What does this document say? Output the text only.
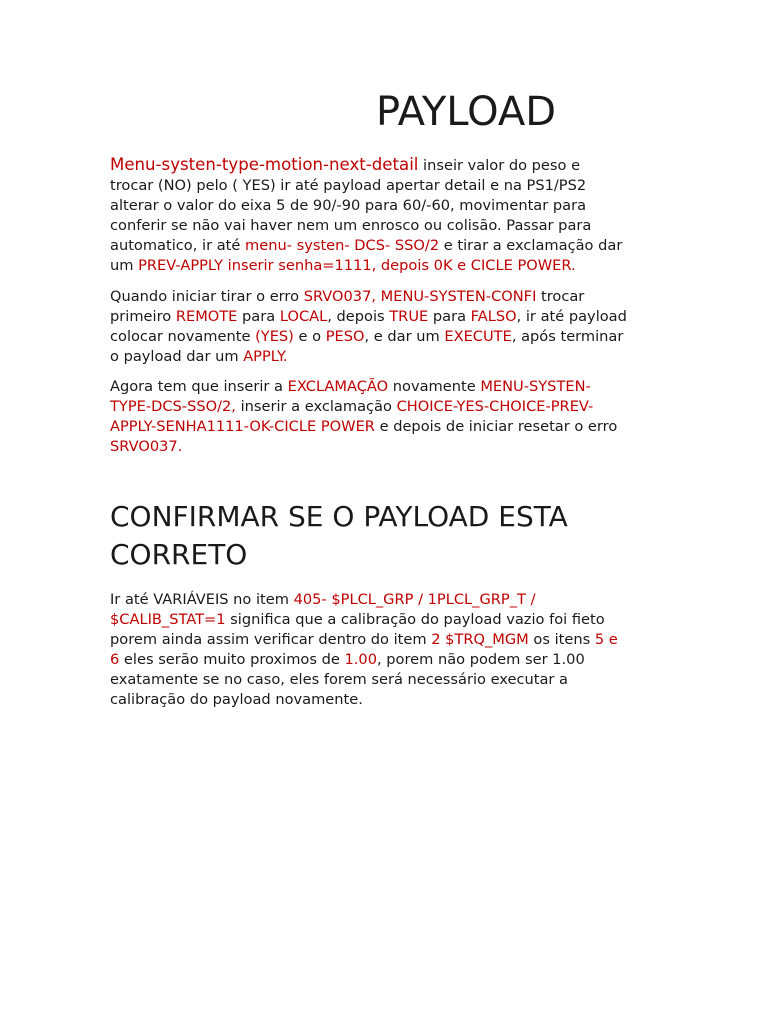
PAYLOAD

Menu-systen-type-motion-next-detail inseir valor do peso e
trocar (NO) pelo ( YES) ir até payload apertar detail e na PS1/PS2
alterar o valor do eixa 5 de 90/-90 para 60/-60, movimentar para
conferir se não vai haver nem um enrosco ou colisão. Passar para
automatico, ir até menu- systen- DCS- SSO/2 e tirar a exclamação dar
um PREV-APPLY inserir senha=1111, depois 0K e CICLE POWER.

Quando iniciar tirar o erro SRVO037, MENU-SYSTEN-CONFI trocar
primeiro REMOTE para LOCAL, depois TRUE para FALSO, ir até payload
colocar novamente (YES) e o PESO, e dar um EXECUTE, após terminar
o payload dar um APPLY.

Agora tem que inserir a EXCLAMAÇÃO novamente MENU-SYSTEN-
TYPE-DCS-SSO/2, inserir a exclamação CHOICE-YES-CHOICE-PREV-
APPLY-SENHA1111-OK-CICLE POWER e depois de iniciar resetar o erro
SRVO037.

CONFIRMAR SE O PAYLOAD ESTA
CORRETO

Ir até VARIÁVEIS no item 405- $PLCL_GRP / 1PLCL_GRP_T /
$CALIB_STAT=1 significa que a calibração do payload vazio foi fieto
porem ainda assim verificar dentro do item 2 $TRQ_MGM os itens 5 e
6 eles serão muito proximos de 1.00, porem não podem ser 1.00
exatamente se no caso, eles forem será necessário executar a
calibração do payload novamente.
